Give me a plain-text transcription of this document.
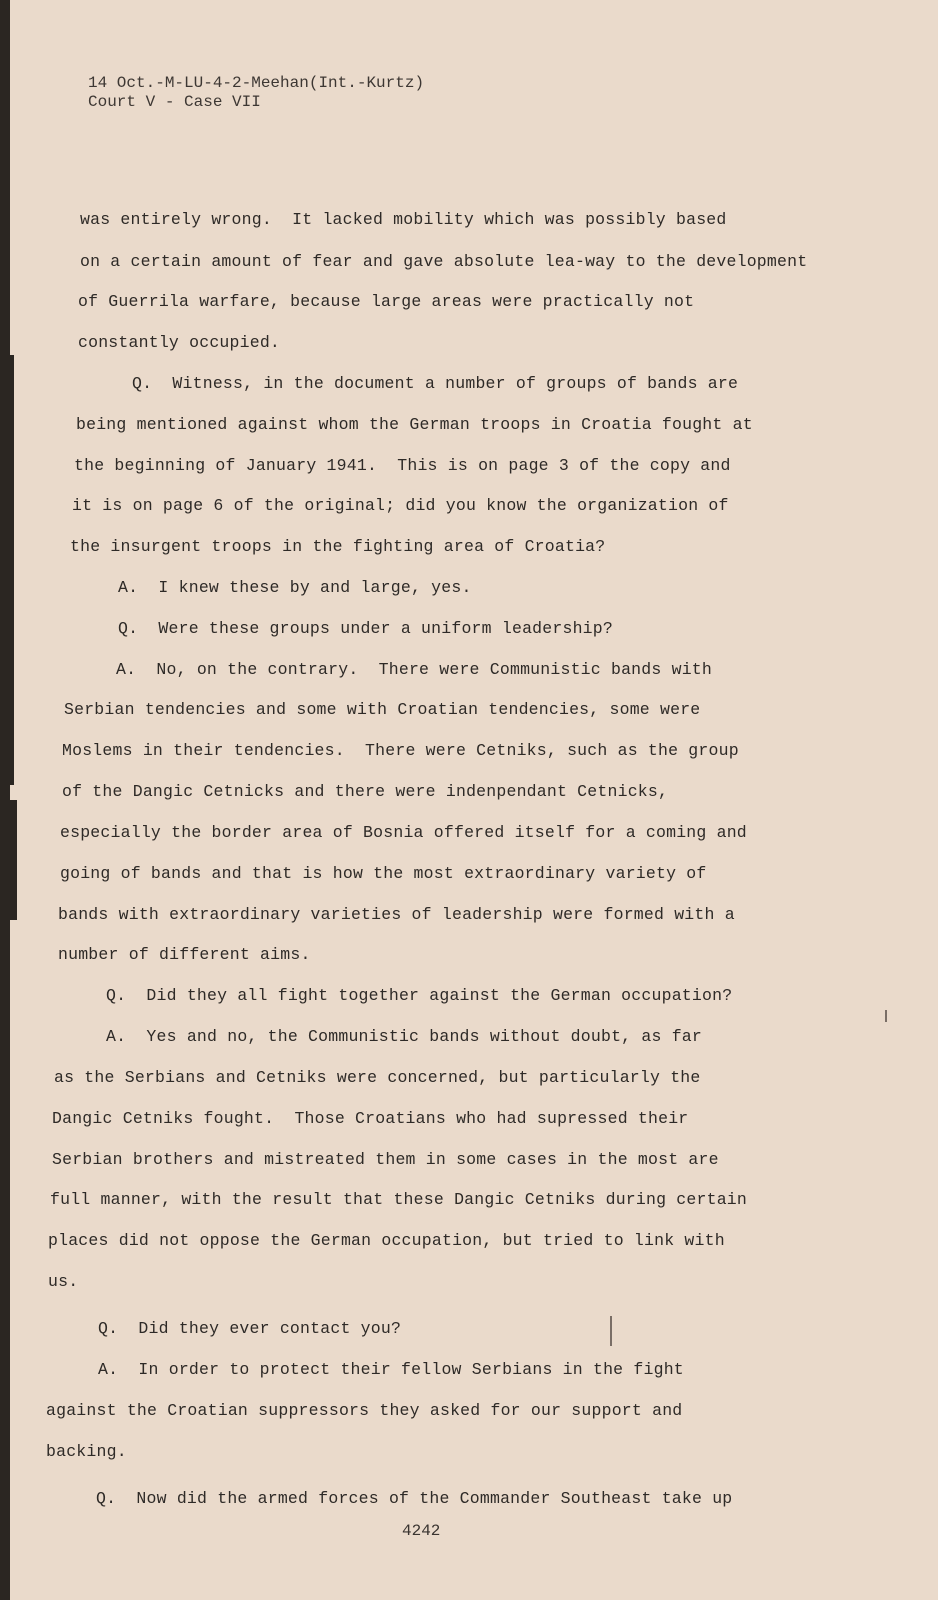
14 Oct.-M-LU-4-2-Meehan(Int.-Kurtz)
Court V - Case VII
was entirely wrong.  It lacked mobility which was possibly based
on a certain amount of fear and gave absolute lea-way to the development
of Guerrila warfare, because large areas were practically not
constantly occupied.
Q.  Witness, in the document a number of groups of bands are
being mentioned against whom the German troops in Croatia fought at
the beginning of January 1941.  This is on page 3 of the copy and
it is on page 6 of the original; did you know the organization of
the insurgent troops in the fighting area of Croatia?
A.  I knew these by and large, yes.
Q.  Were these groups under a uniform leadership?
A.  No, on the contrary.  There were Communistic bands with
Serbian tendencies and some with Croatian tendencies, some were
Moslems in their tendencies.  There were Cetniks, such as the group
of the Dangic Cetnicks and there were indenpendant Cetnicks,
especially the border area of Bosnia offered itself for a coming and
going of bands and that is how the most extraordinary variety of
bands with extraordinary varieties of leadership were formed with a
number of different aims.
Q.  Did they all fight together against the German occupation?
A.  Yes and no, the Communistic bands without doubt, as far
as the Serbians and Cetniks were concerned, but particularly the
Dangic Cetniks fought.  Those Croatians who had supressed their
Serbian brothers and mistreated them in some cases in the most are
full manner, with the result that these Dangic Cetniks during certain
places did not oppose the German occupation, but tried to link with
us.
Q.  Did they ever contact you?
A.  In order to protect their fellow Serbians in the fight
against the Croatian suppressors they asked for our support and
backing.
Q.  Now did the armed forces of the Commander Southeast take up
4242
